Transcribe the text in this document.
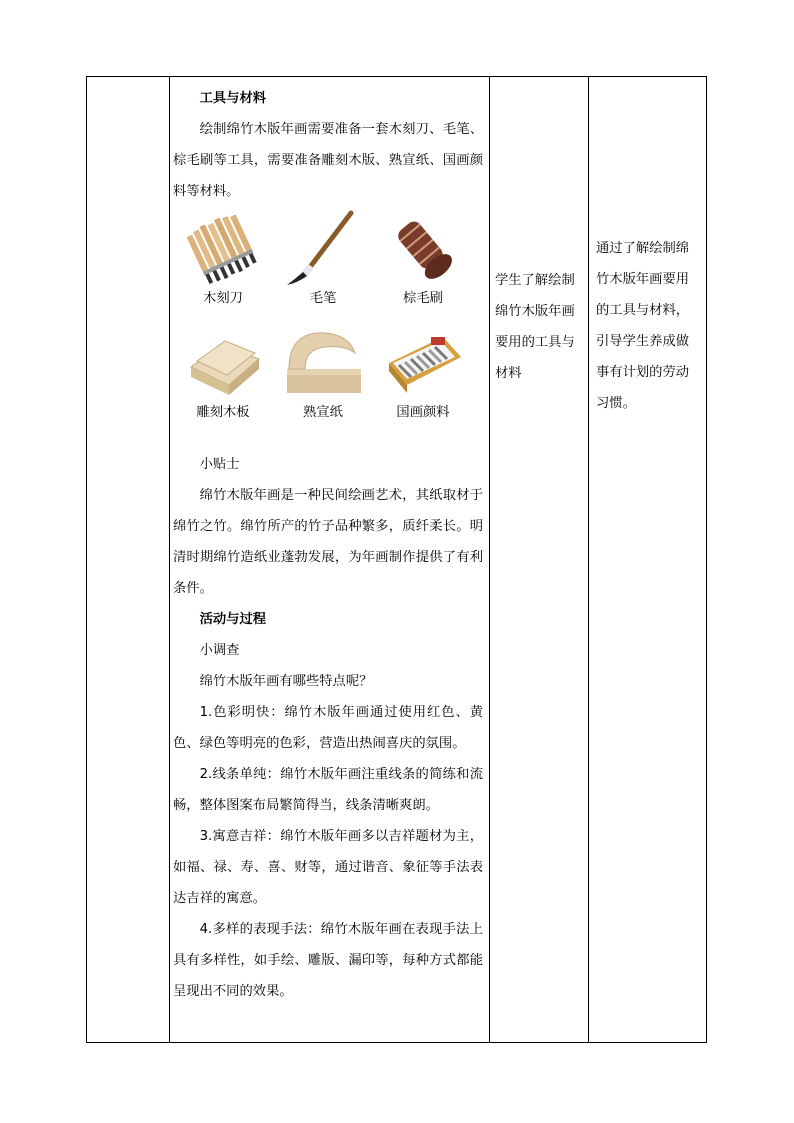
工具与材料

绘制绵竹木版年画需要准备一套木刻刀、毛笔、棕毛刷等工具，需要准备雕刻木版、熟宣纸、国画颜料等材料。

木刻刀	毛笔	棕毛刷
雕刻木板	熟宣纸	国画颜料

小贴士

绵竹木版年画是一种民间绘画艺术，其纸取材于绵竹之竹。绵竹所产的竹子品种繁多，质纤柔长。明清时期绵竹造纸业蓬勃发展，为年画制作提供了有利条件。

活动与过程

小调查

绵竹木版年画有哪些特点呢？

1.色彩明快：绵竹木版年画通过使用红色、黄色、绿色等明亮的色彩，营造出热闹喜庆的氛围。

2.线条单纯：绵竹木版年画注重线条的简练和流畅，整体图案布局繁简得当，线条清晰爽朗。

3.寓意吉祥：绵竹木版年画多以吉祥题材为主，如福、禄、寿、喜、财等，通过谐音、象征等手法表达吉祥的寓意。

4.多样的表现手法：绵竹木版年画在表现手法上具有多样性，如手绘、雕版、漏印等，每种方式都能呈现出不同的效果。

学生了解绘制绵竹木版年画要用的工具与材料
通过了解绘制绵竹木版年画要用的工具与材料，引导学生养成做事有计划的劳动习惯。
